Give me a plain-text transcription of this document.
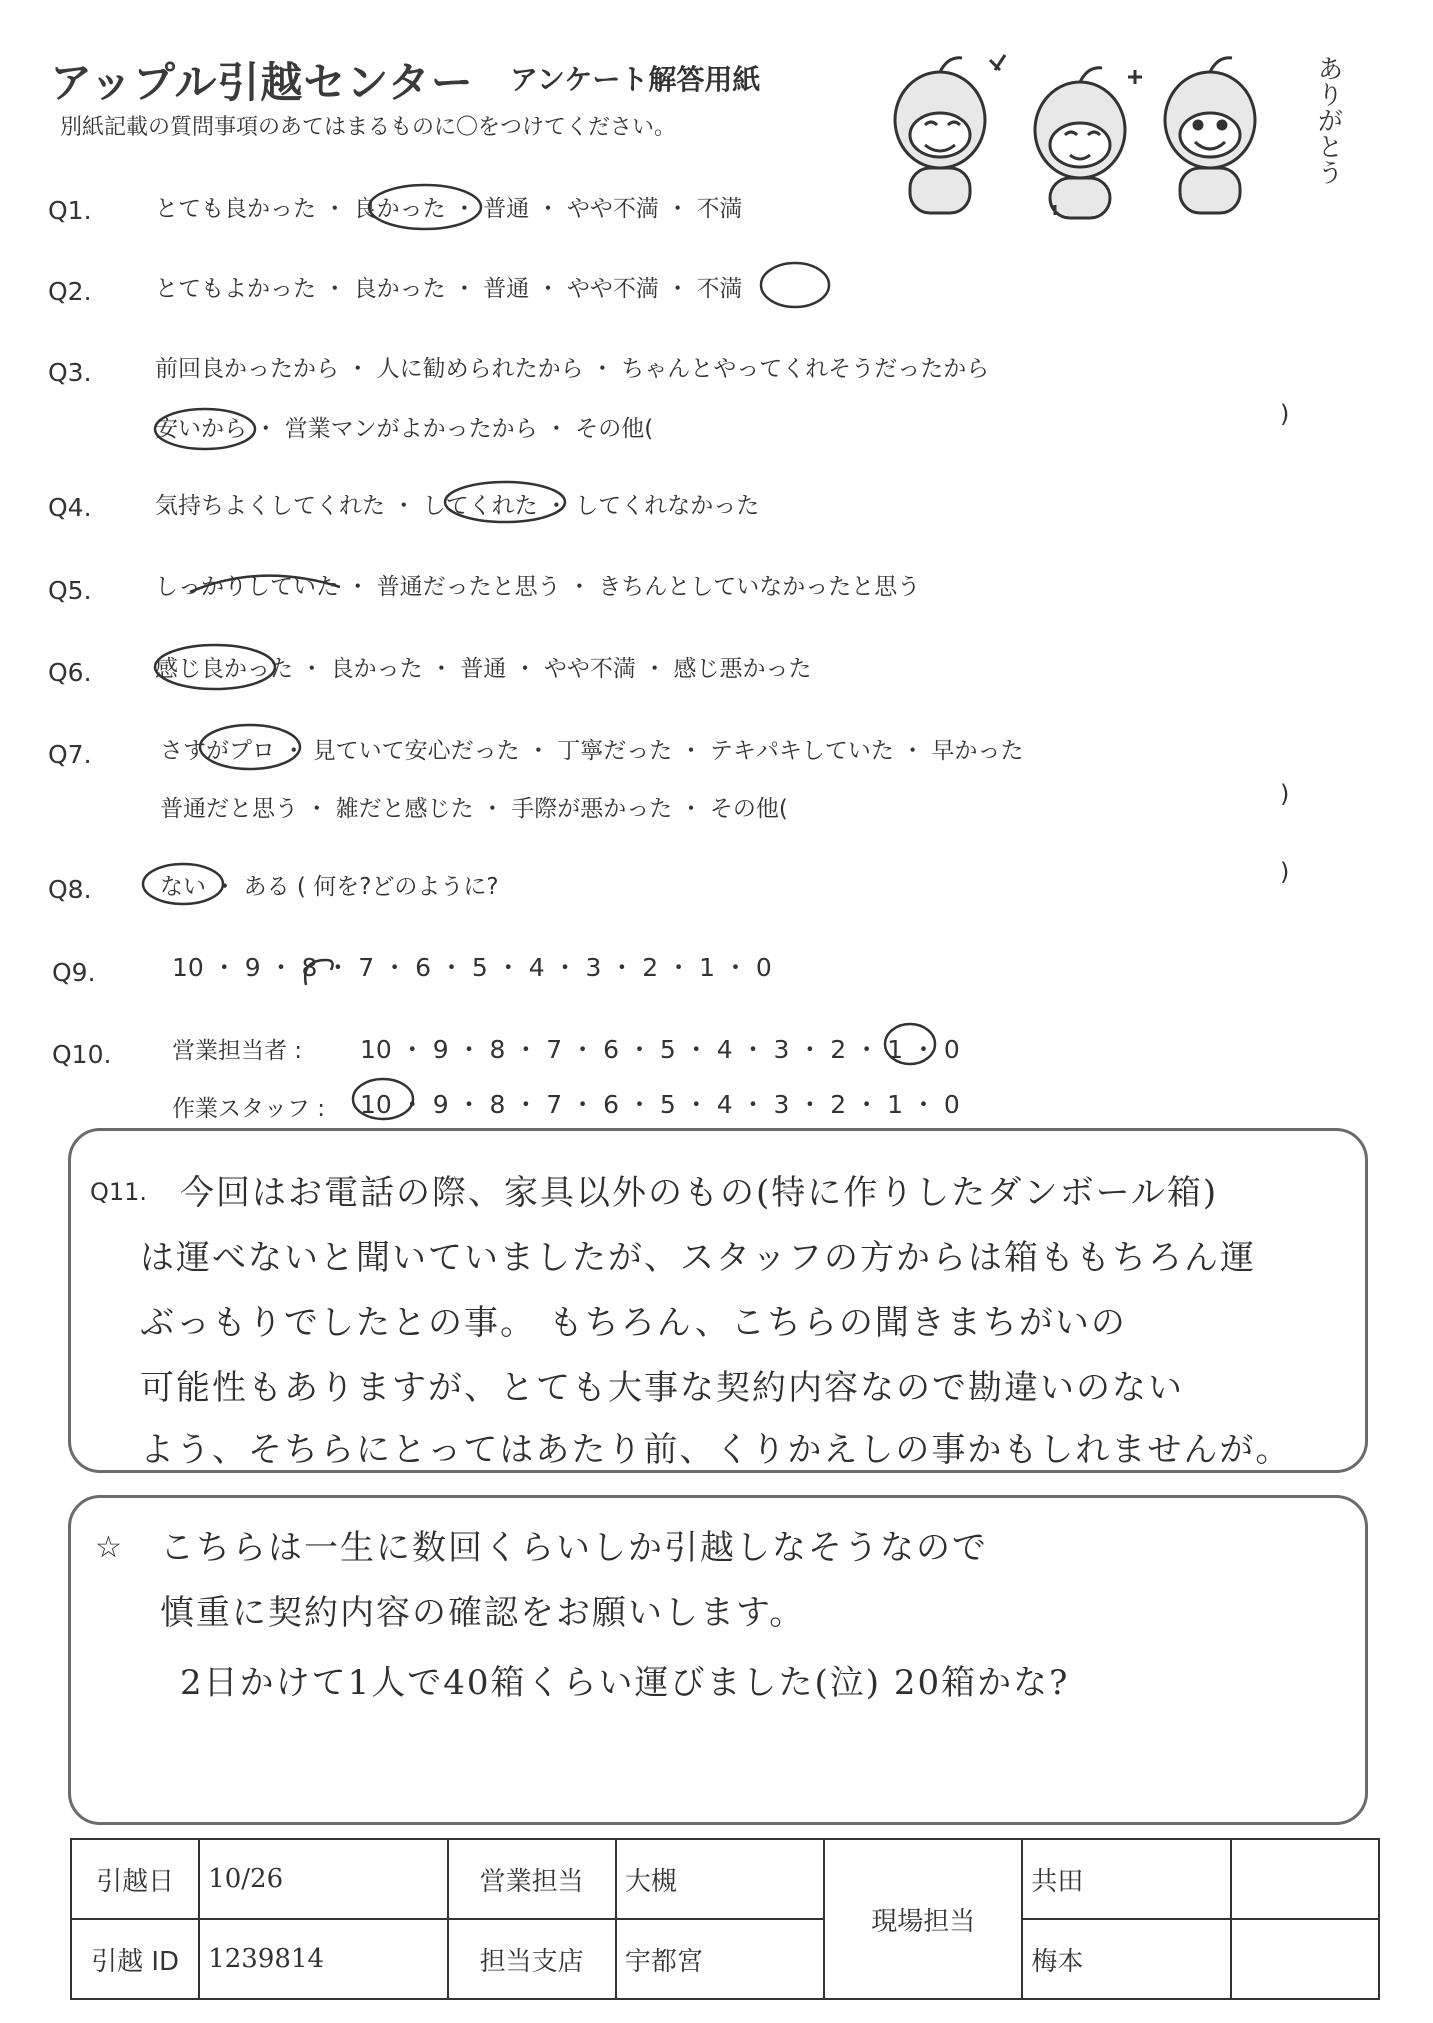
アップル引越センター アンケート解答用紙
別紙記載の質問事項のあてはまるものに〇をつけてください。	ありがとう
Q1.	とても良かった ・ 良かった ・ 普通 ・ やや不満 ・ 不満
Q2.	とてもよかった ・ 良かった ・ 普通 ・ やや不満 ・ 不満
Q3.	前回良かったから ・ 人に勧められたから ・ ちゃんとやってくれそうだったから
安いから ・ 営業マンがよかったから ・ その他(
)
Q4.	気持ちよくしてくれた ・ してくれた ・ してくれなかった
Q5.	しっかりしていた ・ 普通だったと思う ・ きちんとしていなかったと思う
Q6.	感じ良かった ・ 良かった ・ 普通 ・ やや不満 ・ 感じ悪かった
Q7.	さすがプロ ・ 見ていて安心だった ・ 丁寧だった ・ テキパキしていた ・ 早かった
普通だと思う ・ 雑だと感じた ・ 手際が悪かった ・ その他(
)
Q8.	ない ・ ある ( 何を?どのように?
)
Q9.	10 ・ 9 ・ 8 ・ 7 ・ 6 ・ 5 ・ 4 ・ 3 ・ 2 ・ 1 ・ 0
Q10.	営業担当者 : 10 ・ 9 ・ 8 ・ 7 ・ 6 ・ 5 ・ 4 ・ 3 ・ 2 ・ 1 ・ 0
作業スタッフ : 10 ・ 9 ・ 8 ・ 7 ・ 6 ・ 5 ・ 4 ・ 3 ・ 2 ・ 1 ・ 0
Q11. 今回はお電話の際、家具以外のもの(特に作りしたダンボール箱)
は運べないと聞いていましたが、スタッフの方からは箱ももちろん運
ぶっもりでしたとの事。 もちろん、こちらの聞きまちがいの
可能性もありますが、とても大事な契約内容なので勘違いのない
よう、そちらにとってはあたり前、くりかえしの事かもしれませんが。
☆ こちらは一生に数回くらいしか引越しなそうなので
慎重に契約内容の確認をお願いします。
2日かけて1人で40箱くらい運びました(泣) 20箱かな?
引越日	10/26	営業担当	大槻	現場担当	共田	
引越 ID	1239814	担当支店	宇都宮		梅本	
